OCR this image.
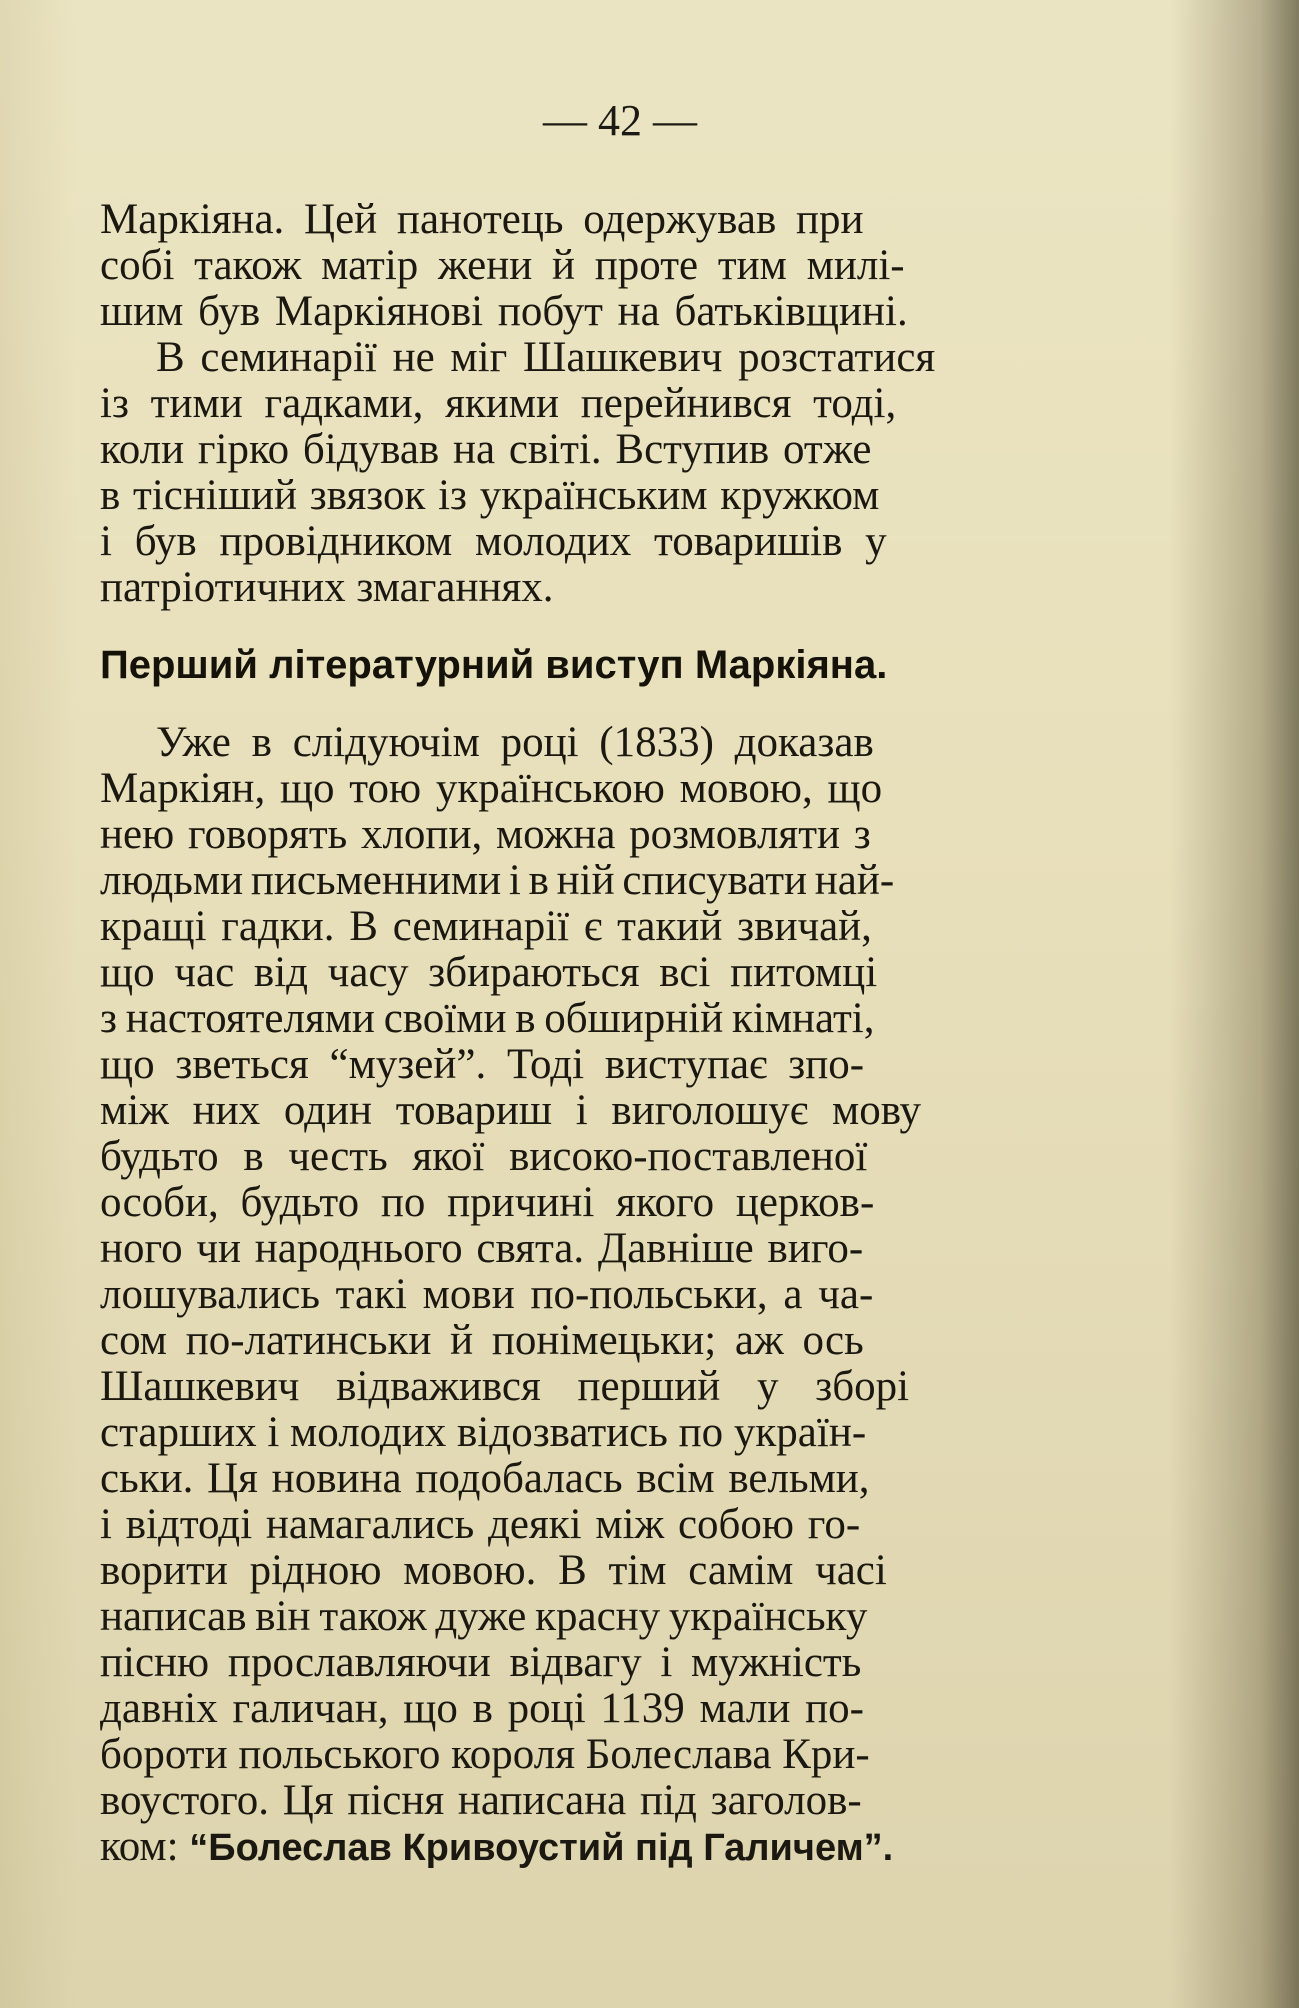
— 42 —
Маркіяна. Цей панотець одержував при
собі також матір жени й проте тим милі-
шим був Маркіянові побут на батьківщині.
В семинарії не міг Шашкевич розстатися
із тими гадками, якими перейнився тоді,
коли гірко бідував на світі. Вступив отже
в тісніший звязок із українським кружком
і був провідником молодих товаришів у
патріотичних змаганнях.
Перший літературний виступ Маркіяна.
Уже в слідуючім році (1833) доказав
Маркіян, що тою українською мовою, що
нею говорять хлопи, можна розмовляти з
людьми письменними і в ній списувати най-
кращі гадки. В семинарії є такий звичай,
що час від часу збираються всі питомці
з настоятелями своїми в обширній кімнаті,
що зветься “музей”. Тоді виступає зпо-
між них один товариш і виголошує мову
будьто в честь якої високо-поставленої
особи, будьто по причині якого церков-
ного чи народнього свята. Давніше виго-
лошувались такі мови по-польськи, а ча-
сом по-латинськи й понімецьки; аж ось
Шашкевич відважився перший у зборі
старших і молодих відозватись по україн-
ськи. Ця новина подобалась всім вельми,
і відтоді намагались деякі між собою го-
ворити рідною мовою. В тім самім часі
написав він також дуже красну українську
пісню прославляючи відвагу і мужність
давніх галичан, що в році 1139 мали по-
бороти польського короля Болеслава Кри-
воустого. Ця пісня написана під заголов-
ком: “Болеслав Кривоустий під Галичем”.
